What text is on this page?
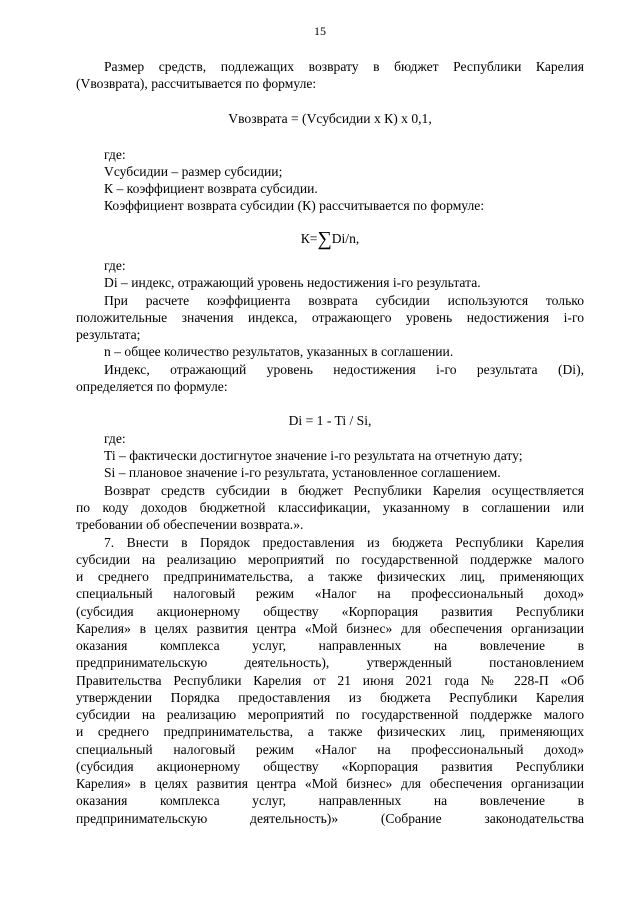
15
Размер средств, подлежащих возврату в бюджет Республики Карелия
(Vвозврата), рассчитывается по формуле:
Vвозврата = (Vсубсидии х К) х 0,1,
где:
Vсубсидии – размер субсидии;
К – коэффициент возврата субсидии.
Коэффициент возврата субсидии (К) рассчитывается по формуле:
где:
Di – индекс, отражающий уровень недостижения i-го результата.
При расчете коэффициента возврата субсидии используются только
положительные значения индекса, отражающего уровень недостижения i-го
результата;
n – общее количество результатов, указанных в соглашении.
Индекс, отражающий уровень недостижения i-го результата (Di),
определяется по формуле:
Di = 1 - Ti / Si,
где:
Ti – фактически достигнутое значение i-го результата на отчетную дату;
Si – плановое значение i-го результата, установленное соглашением.
Возврат средств субсидии в бюджет Республики Карелия осуществляется
по коду доходов бюджетной классификации, указанному в соглашении или
требовании об обеспечении возврата.».
7. Внести в Порядок предоставления из бюджета Республики Карелия
субсидии на реализацию мероприятий по государственной поддержке малого
и среднего предпринимательства, а также физических лиц, применяющих
специальный налоговый режим «Налог на профессиональный доход»
(субсидия акционерному обществу «Корпорация развития Республики
Карелия» в целях развития центра «Мой бизнес» для обеспечения организации
оказания комплекса услуг, направленных на вовлечение в
предпринимательскую деятельность), утвержденный постановлением
Правительства Республики Карелия от 21 июня 2021 года № 228-П «Об
утверждении Порядка предоставления из бюджета Республики Карелия
субсидии на реализацию мероприятий по государственной поддержке малого
и среднего предпринимательства, а также физических лиц, применяющих
специальный налоговый режим «Налог на профессиональный доход»
(субсидия акционерному обществу «Корпорация развития Республики
Карелия» в целях развития центра «Мой бизнес» для обеспечения организации
оказания комплекса услуг, направленных на вовлечение в
предпринимательскую деятельность)» (Собрание законодательства
К=∑Di/n,
